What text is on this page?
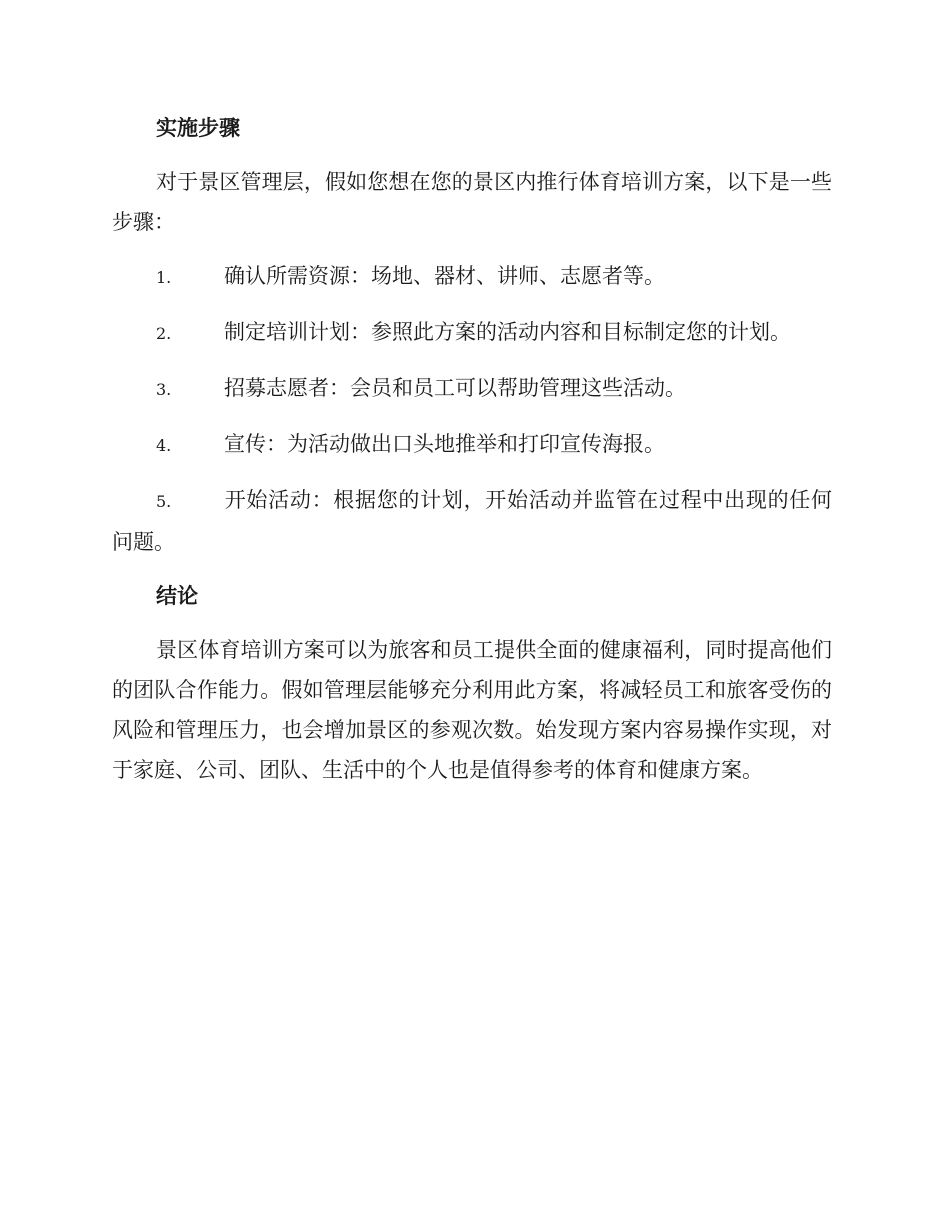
实施步骤

对于景区管理层，假如您想在您的景区内推行体育培训方案，以下是一些步骤：

1.	确认所需资源：场地、器材、讲师、志愿者等。
2.	制定培训计划：参照此方案的活动内容和目标制定您的计划。
3.	招募志愿者：会员和员工可以帮助管理这些活动。
4.	宣传：为活动做出口头地推举和打印宣传海报。
5.	开始活动：根据您的计划，开始活动并监管在过程中出现的任何问题。
结论

景区体育培训方案可以为旅客和员工提供全面的健康福利，同时提高他们的团队合作能力。假如管理层能够充分利用此方案，将减轻员工和旅客受伤的风险和管理压力，也会增加景区的参观次数。始发现方案内容易操作实现，对于家庭、公司、团队、生活中的个人也是值得参考的体育和健康方案。
